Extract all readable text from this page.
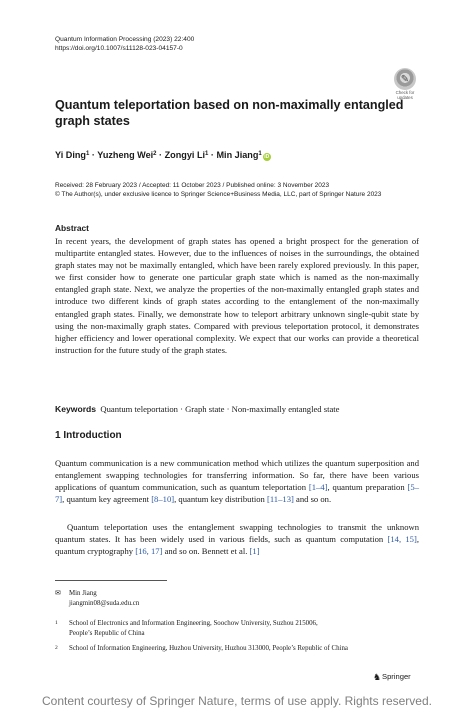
Quantum Information Processing (2023) 22:400
https://doi.org/10.1007/s11128-023-04157-0
✎
Check for
updates
Quantum teleportation based on non-maximally entangled graph states
Yi Ding$^1$ · Yuzheng Wei$^2$ · Zongyi $Li^1$ · Min Jiang$^1$ iD
Received: 28 February 2023 / Accepted: 11 October 2023 / Published online: 3 November 2023
© The Author(s), under exclusive licence to Springer Science+Business Media, LLC, part of Springer Nature 2023
Abstract
In recent years, the development of graph states has opened a bright prospect for the generation of multipartite entangled states. However, due to the influences of noises in the surroundings, the obtained graph states may not be maximally entangled, which have been rarely explored previously. In this paper, we first consider how to generate one particular graph state which is named as the non-maximally entangled graph state. Next, we analyze the properties of the non-maximally entangled graph states and introduce two different kinds of graph states according to the entanglement of the non-maximally entangled graph states. Finally, we demonstrate how to teleport arbitrary unknown single-qubit state by using the non-maximally graph states. Compared with previous teleportation protocol, it demonstrates higher efficiency and lower operational complexity. We expect that our works can provide a theoretical instruction for the future study of the graph states.
Keywords Quantum teleportation · Graph state · Non-maximally entangled state
1 Introduction
Quantum communication is a new communication method which utilizes the quantum superposition and entanglement swapping technologies for transferring information. So far, there have been various applications of quantum communication, such as quantum teleportation [1–4], quantum preparation [5–7], quantum key agreement [8–10], quantum key distribution [11–13] and so on.
Quantum teleportation uses the entanglement swapping technologies to transmit the unknown quantum states. It has been widely used in various fields, such as quantum computation [14, 15], quantum cryptography [16, 17] and so on. Bennett et al. [1]
✉	Min Jiang
jiangmin08@suda.edu.cn
1 School of Electronics and Information Engineering, Soochow University, Suzhou 215006,
People’s Republic of China
2 School of Information Engineering, Huzhou University, Huzhou 313000, People’s Republic of China
♞Springer
Content courtesy of Springer Nature, terms of use apply. Rights reserved.
